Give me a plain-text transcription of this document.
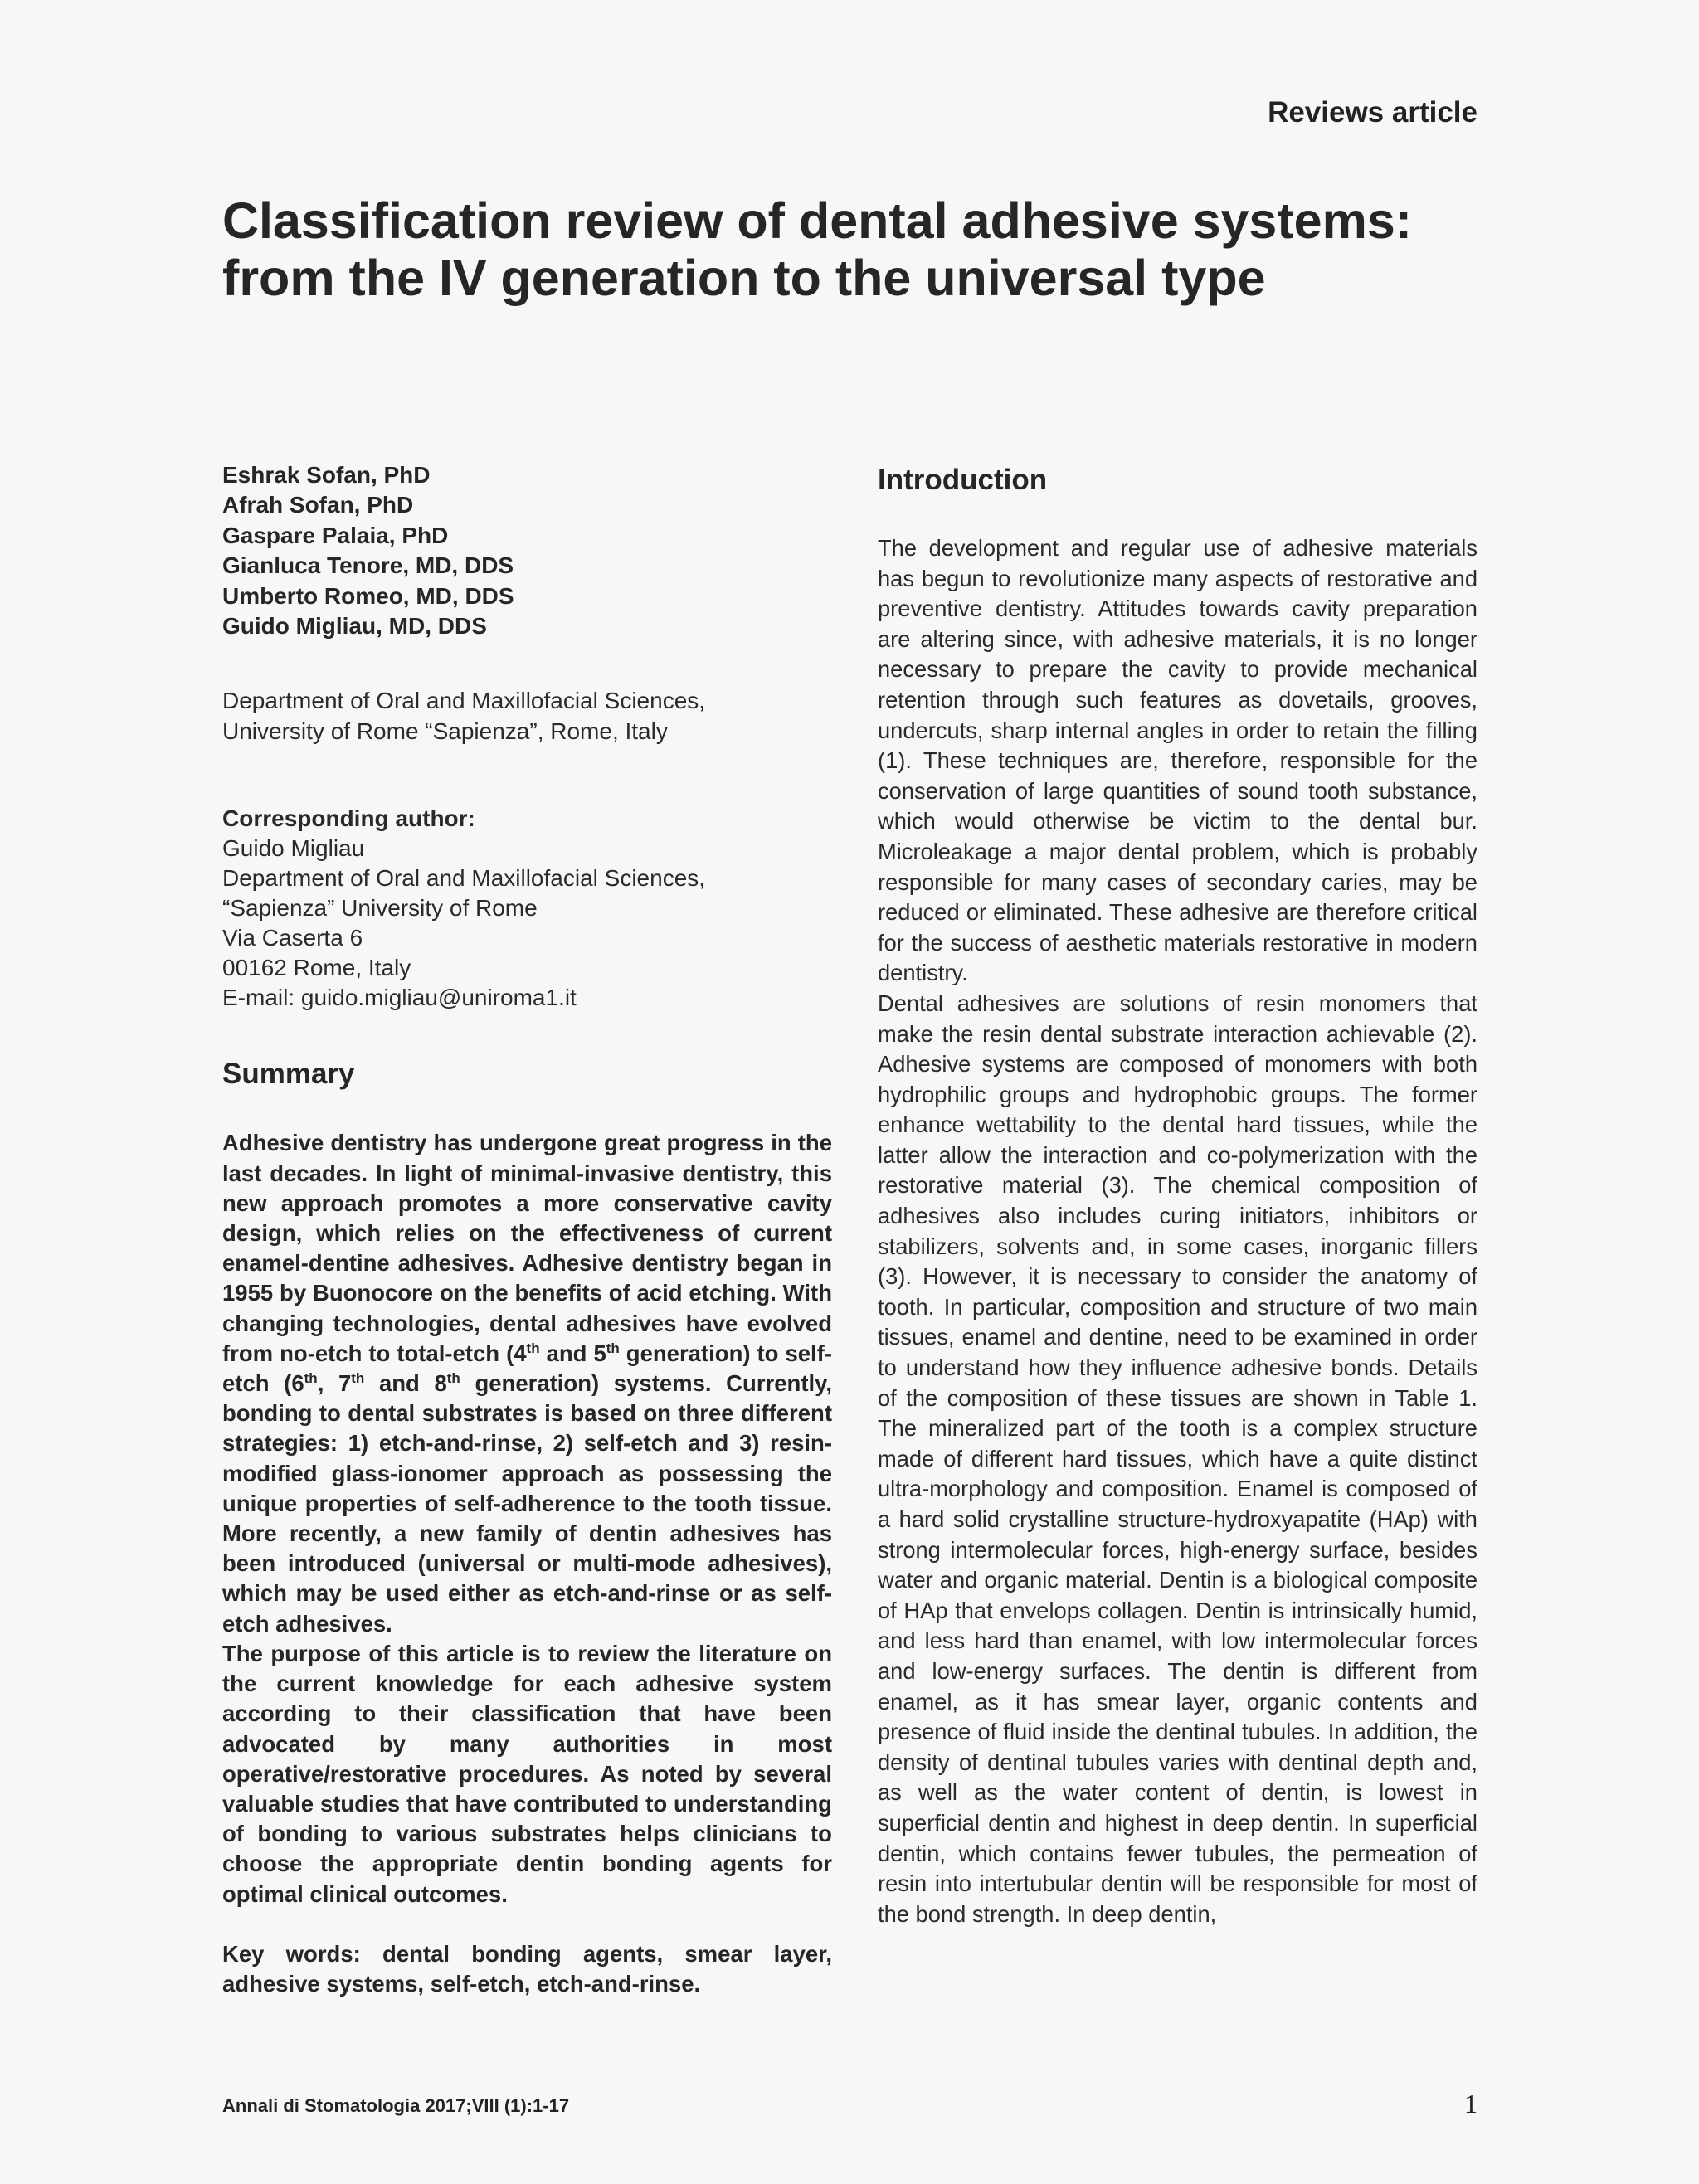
Reviews article
Classification review of dental adhesive systems:
from the IV generation to the universal type
Eshrak Sofan, PhD
Afrah Sofan, PhD
Gaspare Palaia, PhD
Gianluca Tenore, MD, DDS
Umberto Romeo, MD, DDS
Guido Migliau, MD, DDS
Department of Oral and Maxillofacial Sciences,
University of Rome “Sapienza”, Rome, Italy
Corresponding author:
Guido Migliau
Department of Oral and Maxillofacial Sciences,
“Sapienza” University of Rome
Via Caserta 6
00162 Rome, Italy
E-mail: guido.migliau@uniroma1.it
Summary

Adhesive dentistry has undergone great progress in the last decades. In light of minimal-invasive dentistry, this new approach promotes a more conservative cavity design, which relies on the effectiveness of current enamel-dentine adhesives. Adhesive dentistry began in 1955 by Buonocore on the benefits of acid etching. With changing technologies, dental adhesives have evolved from no-etch to total-etch (4th and 5th generation) to self-etch (6th, 7th and 8th generation) systems. Currently, bonding to dental substrates is based on three different strategies: 1) etch-and-rinse, 2) self-etch and 3) resin-modified glass-ionomer approach as possessing the unique properties of self-adherence to the tooth tissue. More recently, a new family of dentin adhesives has been introduced (universal or multi-mode adhesives), which may be used either as etch-and-rinse or as self-etch adhesives.

The purpose of this article is to review the literature on the current knowledge for each adhesive system according to their classification that have been advocated by many authorities in most operative/restorative procedures. As noted by several valuable studies that have contributed to understanding of bonding to various substrates helps clinicians to choose the appropriate dentin bonding agents for optimal clinical outcomes.

Key words: dental bonding agents, smear layer, adhesive systems, self-etch, etch-and-rinse.
Introduction

The development and regular use of adhesive materials has begun to revolutionize many aspects of restorative and preventive dentistry. Attitudes towards cavity preparation are altering since, with adhesive materials, it is no longer necessary to prepare the cavity to provide mechanical retention through such features as dovetails, grooves, undercuts, sharp internal angles in order to retain the filling (1). These techniques are, therefore, responsible for the conservation of large quantities of sound tooth substance, which would otherwise be victim to the dental bur. Microleakage a major dental problem, which is probably responsible for many cases of secondary caries, may be reduced or eliminated. These adhesive are therefore critical for the success of aesthetic materials restorative in modern dentistry.

Dental adhesives are solutions of resin monomers that make the resin dental substrate interaction achievable (2). Adhesive systems are composed of monomers with both hydrophilic groups and hydrophobic groups. The former enhance wettability to the dental hard tissues, while the latter allow the interaction and co-polymerization with the restorative material (3). The chemical composition of adhesives also includes curing initiators, inhibitors or stabilizers, solvents and, in some cases, inorganic fillers (3). However, it is necessary to consider the anatomy of tooth. In particular, composition and structure of two main tissues, enamel and dentine, need to be examined in order to understand how they influence adhesive bonds. Details of the composition of these tissues are shown in Table 1. The mineralized part of the tooth is a complex structure made of different hard tissues, which have a quite distinct ultra-morphology and composition. Enamel is composed of a hard solid crystalline structure-hydroxyapatite (HAp) with strong intermolecular forces, high-energy surface, besides water and organic material. Dentin is a biological composite of HAp that envelops collagen. Dentin is intrinsically humid, and less hard than enamel, with low intermolecular forces and low-energy surfaces. The dentin is different from enamel, as it has smear layer, organic contents and presence of fluid inside the dentinal tubules. In addition, the density of dentinal tubules varies with dentinal depth and, as well as the water content of dentin, is lowest in superficial dentin and highest in deep dentin. In superficial dentin, which contains fewer tubules, the permeation of resin into intertubular dentin will be responsible for most of the bond strength. In deep dentin,

Annali di Stomatologia 2017;VIII (1):1-17	1
